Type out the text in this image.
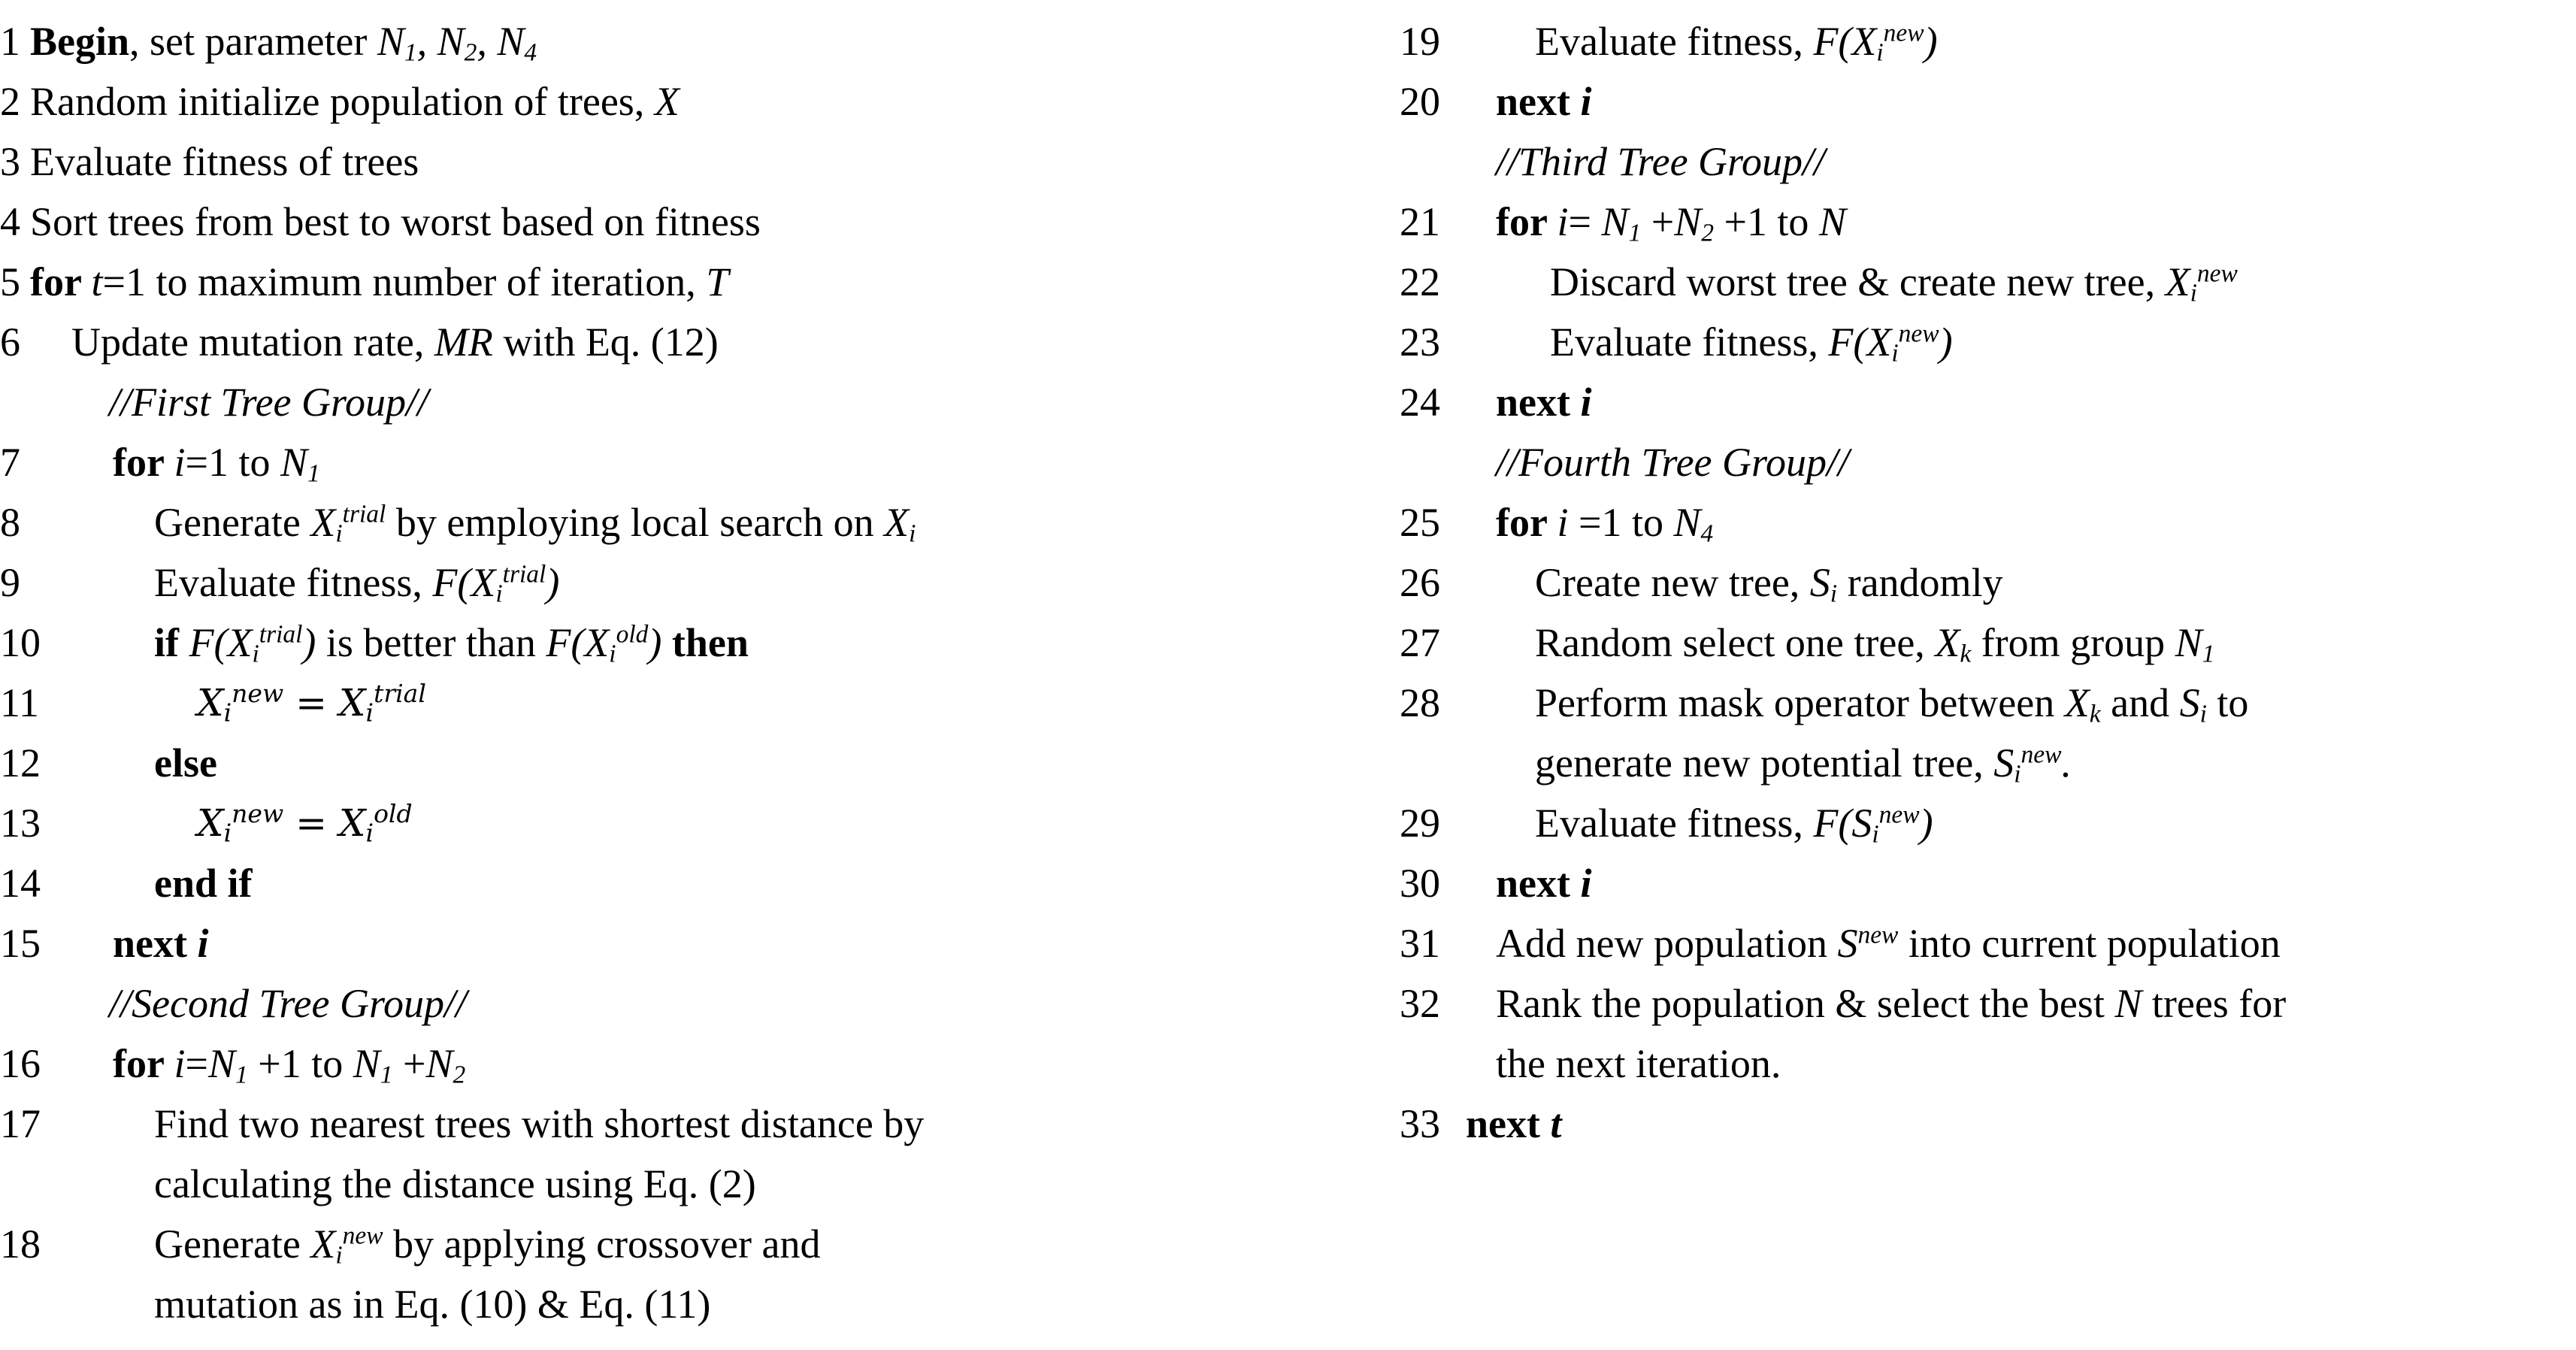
1 Begin, set parameter $N_1$, $N_2$, $N_4$
2 Random initialize population of trees, X
3 Evaluate fitness of trees
4 Sort trees from best to worst based on fitness
5 for t=1 to maximum number of iteration, T
6 Update mutation rate, MR with Eq. (12)
//First Tree Group//
7 for i=1 to $N_1$
8	Generate $X_i^{trial}$ by employing local search on $X_i$
9	Evaluate fitness, $F(X_i^{trial})$
10	if $F(X_i^{trial})$ is better than $F(X_i^{old})$ then
11	$X_i^{new} = X_i^{trial}$
12	else
13	$X_i^{new} = X_i^{old}$
14	end if
15 next i
//Second Tree Group//
16 for $i=N_1 +1$ to $N_1 +N_2$
17	Find two nearest trees with shortest distance by
calculating the distance using Eq. (2)
18	Generate $X_i^{new}$ by applying crossover and
mutation as in Eq. (10) & Eq. (11)
19 Evaluate fitness, $F(X_i^{new})$
20 next i
//Third Tree Group//
21 for $i= N_1 +N_2 +1$ to N
22	Discard worst tree & create new tree, $X_i^{new}$
23	Evaluate fitness, $F(X_i^{new})$
24 next i
//Fourth Tree Group//
25 for i =1 to $N_4$
26 Create new tree, $S_i$ randomly
27 Random select one tree, $X_k$ from group $N_1$
28 Perform mask operator between $X_k$ and $S_i$ to
generate new potential tree, $S_i^{new}$.
29 Evaluate fitness, $F(S_i^{new})$
30 next i
31 Add new population $S^{new}$ into current population
32 Rank the population & select the best N trees for
the next iteration.
33 next t
